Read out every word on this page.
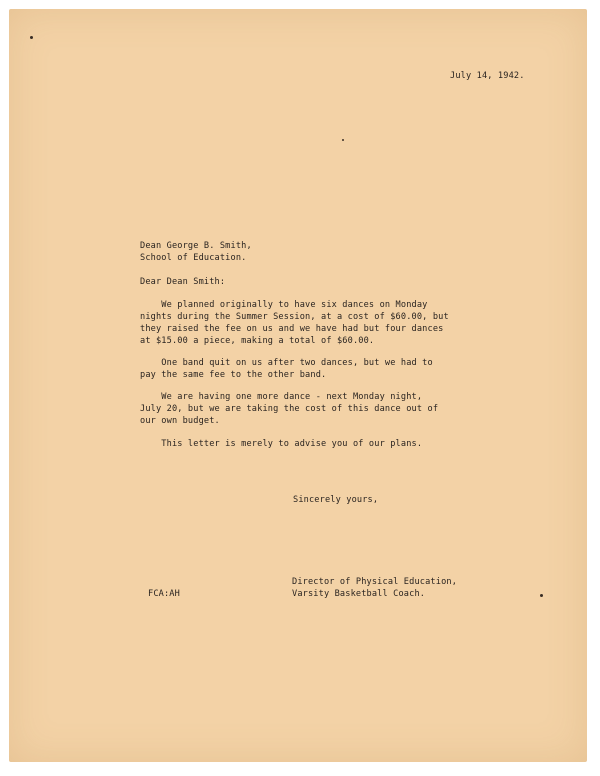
July 14, 1942.
Dean George B. Smith,
School of Education.
Dear Dean Smith:
We planned originally to have six dances on Monday
nights during the Summer Session, at a cost of $60.00, but
they raised the fee on us and we have had but four dances
at $15.00 a piece, making a total of $60.00.
One band quit on us after two dances, but we had to
pay the same fee to the other band.
We are having one more dance - next Monday night,
July 20, but we are taking the cost of this dance out of
our own budget.
This letter is merely to advise you of our plans.
Sincerely yours,
Director of Physical Education,
Varsity Basketball Coach.
FCA:AH
